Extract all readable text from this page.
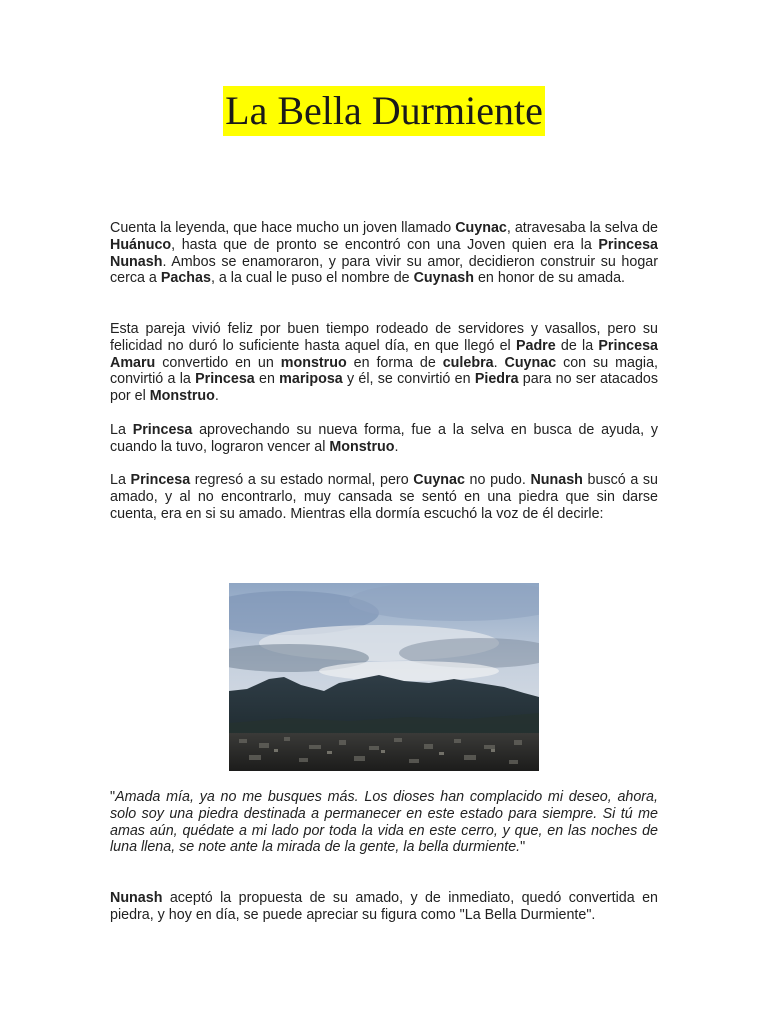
La Bella Durmiente

Cuenta la leyenda, que hace mucho un joven llamado Cuynac, atravesaba la selva de Huánuco, hasta que de pronto se encontró con una Joven quien era la Princesa Nunash. Ambos se enamoraron, y para vivir su amor, decidieron construir su hogar cerca a Pachas, a la cual le puso el nombre de Cuynash en honor de su amada.

Esta pareja vivió feliz por buen tiempo rodeado de servidores y vasallos, pero su felicidad no duró lo suficiente hasta aquel día, en que llegó el Padre de la Princesa Amaru convertido en un monstruo en forma de culebra. Cuynac con su magia, convirtió a la Princesa en mariposa y él, se convirtió en Piedra para no ser atacados por el Monstruo.

La Princesa aprovechando su nueva forma, fue a la selva en busca de ayuda, y cuando la tuvo, lograron vencer al Monstruo.

La Princesa regresó a su estado normal, pero Cuynac no pudo. Nunash buscó a su amado, y al no encontrarlo, muy cansada se sentó en una piedra que sin darse cuenta, era en si su amado. Mientras ella dormía escuchó la voz de él decirle:

"Amada mía, ya no me busques más. Los dioses han complacido mi deseo, ahora, solo soy una piedra destinada a permanecer en este estado para siempre. Si tú me amas aún, quédate a mi lado por toda la vida en este cerro, y que, en las noches de luna llena, se note ante la mirada de la gente, la bella durmiente."

Nunash aceptó la propuesta de su amado, y de inmediato, quedó convertida en piedra, y hoy en día, se puede apreciar su figura como "La Bella Durmiente".
